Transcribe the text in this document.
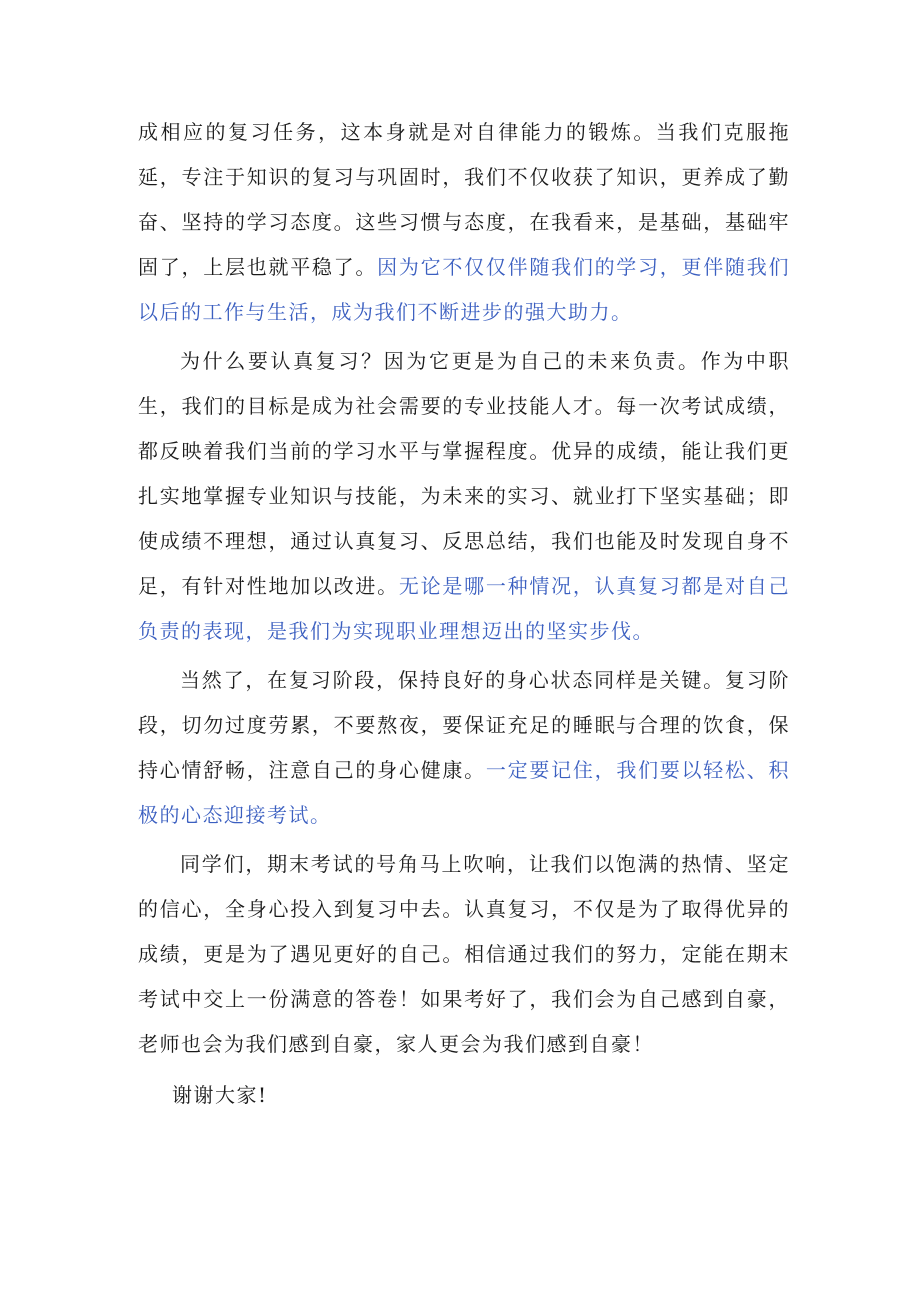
成相应的复习任务，这本身就是对自律能力的锻炼。当我们克服拖延，专注于知识的复习与巩固时，我们不仅收获了知识，更养成了勤奋、坚持的学习态度。这些习惯与态度，在我看来，是基础，基础牢固了，上层也就平稳了。因为它不仅仅伴随我们的学习，更伴随我们以后的工作与生活，成为我们不断进步的强大助力。

为什么要认真复习？因为它更是为自己的未来负责。作为中职生，我们的目标是成为社会需要的专业技能人才。每一次考试成绩，都反映着我们当前的学习水平与掌握程度。优异的成绩，能让我们更扎实地掌握专业知识与技能，为未来的实习、就业打下坚实基础；即使成绩不理想，通过认真复习、反思总结，我们也能及时发现自身不足，有针对性地加以改进。无论是哪一种情况，认真复习都是对自己负责的表现，是我们为实现职业理想迈出的坚实步伐。

当然了，在复习阶段，保持良好的身心状态同样是关键。复习阶段，切勿过度劳累，不要熬夜，要保证充足的睡眠与合理的饮食，保持心情舒畅，注意自己的身心健康。一定要记住，我们要以轻松、积极的心态迎接考试。

同学们，期末考试的号角马上吹响，让我们以饱满的热情、坚定的信心，全身心投入到复习中去。认真复习，不仅是为了取得优异的成绩，更是为了遇见更好的自己。相信通过我们的努力，定能在期末考试中交上一份满意的答卷！如果考好了，我们会为自己感到自豪，老师也会为我们感到自豪，家人更会为我们感到自豪！

谢谢大家!
